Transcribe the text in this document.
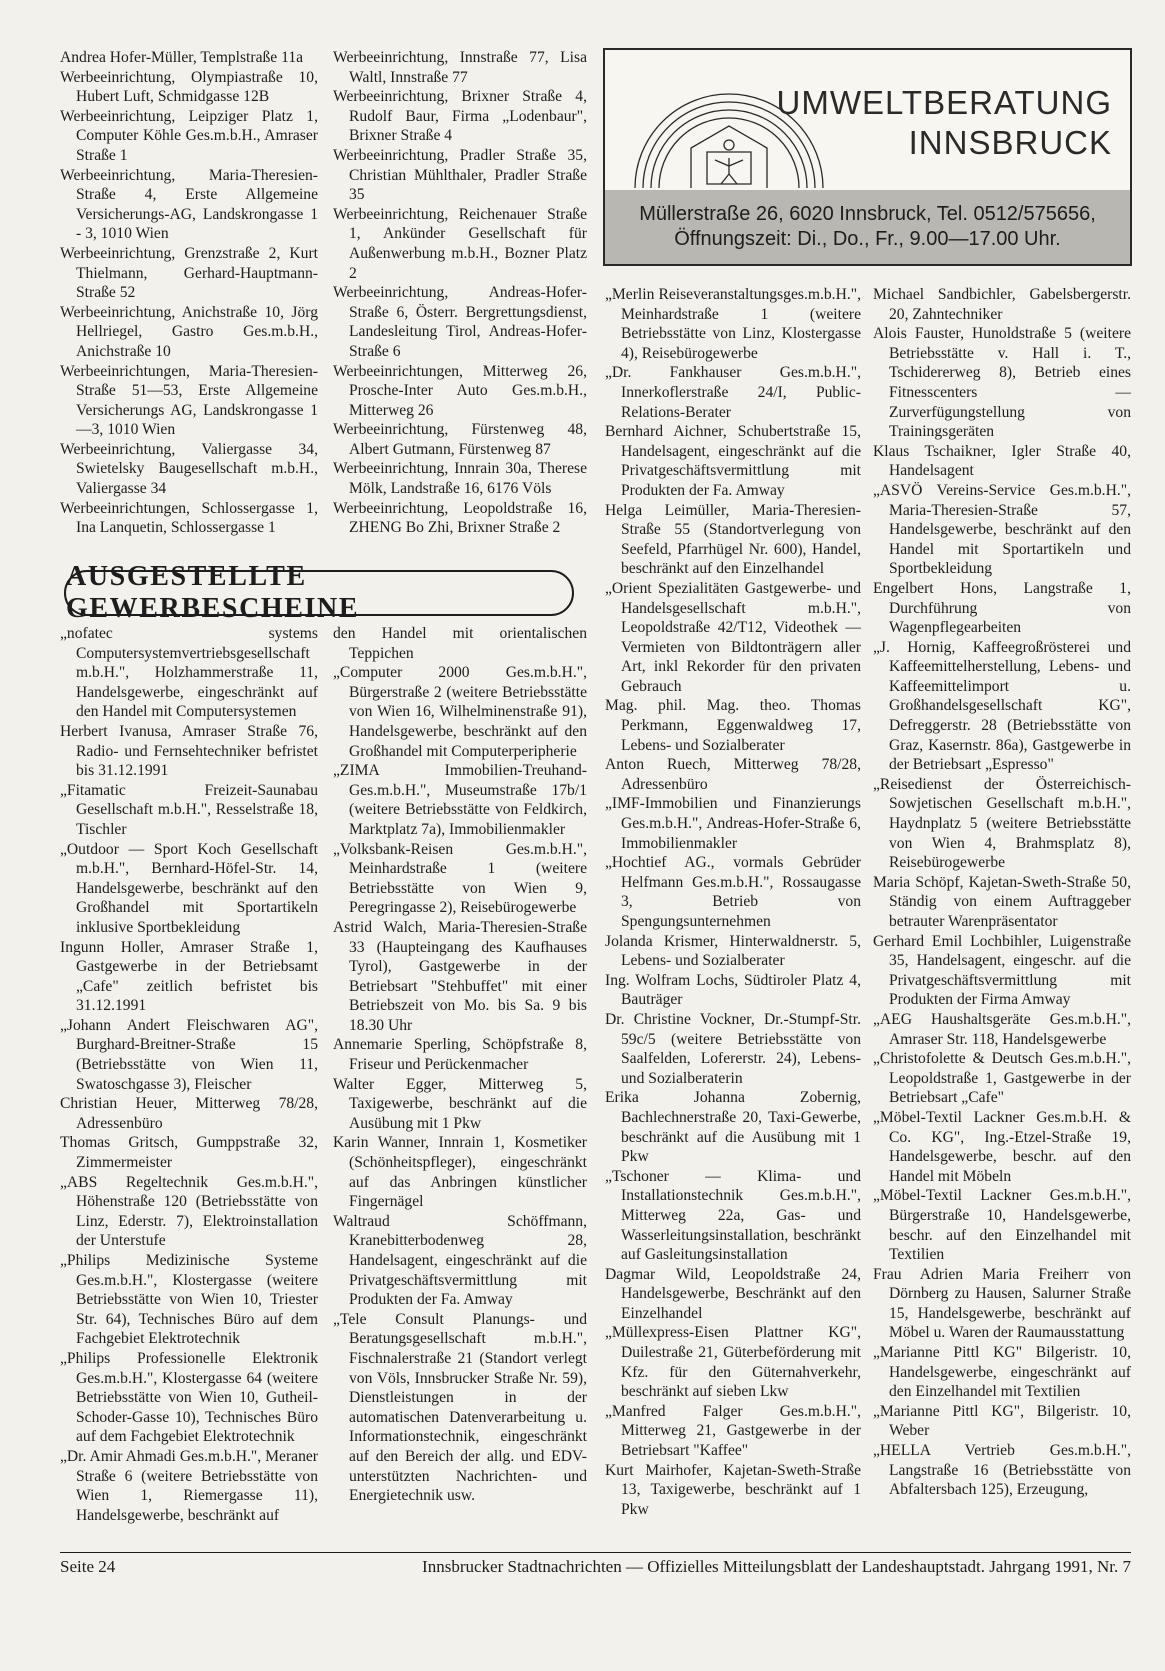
Andrea Hofer-Müller, Templstraße 11a
Werbeeinrichtung, Olympiastraße 10, Hubert Luft, Schmidgasse 12B
Werbeeinrichtung, Leipziger Platz 1, Computer Köhle Ges.m.b.H., Amraser Straße 1
Werbeeinrichtung, Maria-Theresien-Straße 4, Erste Allgemeine Versicherungs-AG, Landskrongasse 1 - 3, 1010 Wien
Werbeeinrichtung, Grenzstraße 2, Kurt Thielmann, Gerhard-Hauptmann-Straße 52
Werbeeinrichtung, Anichstraße 10, Jörg Hellriegel, Gastro Ges.m.b.H., Anichstraße 10
Werbeeinrichtungen, Maria-Theresien-Straße 51—53, Erste Allgemeine Versicherungs AG, Landskrongasse 1—3, 1010 Wien
Werbeeinrichtung, Valiergasse 34, Swietelsky Baugesellschaft m.b.H., Valiergasse 34
Werbeeinrichtungen, Schlossergasse 1, Ina Lanquetin, Schlossergasse 1
Werbeeinrichtung, Innstraße 77, Lisa Waltl, Innstraße 77
Werbeeinrichtung, Brixner Straße 4, Rudolf Baur, Firma „Lodenbaur", Brixner Straße 4
Werbeeinrichtung, Pradler Straße 35, Christian Mühlthaler, Pradler Straße 35
Werbeeinrichtung, Reichenauer Straße 1, Ankünder Gesellschaft für Außenwerbung m.b.H., Bozner Platz 2
Werbeeinrichtung, Andreas-Hofer-Straße 6, Österr. Bergrettungsdienst, Landesleitung Tirol, Andreas-Hofer-Straße 6
Werbeeinrichtungen, Mitterweg 26, Prosche-Inter Auto Ges.m.b.H., Mitterweg 26
Werbeeinrichtung, Fürstenweg 48, Albert Gutmann, Fürstenweg 87
Werbeeinrichtung, Innrain 30a, Therese Mölk, Landstraße 16, 6176 Völs
Werbeeinrichtung, Leopoldstraße 16, ZHENG Bo Zhi, Brixner Straße 2
UMWELTBERATUNG
INNSBRUCK
Müllerstraße 26, 6020 Innsbruck, Tel. 0512/575656,
Öffnungszeit: Di., Do., Fr., 9.00—17.00 Uhr.
AUSGESTELLTE GEWERBESCHEINE
„nofatec systems Computersystemvertriebsgesellschaft m.b.H.", Holzhammerstraße 11, Handelsgewerbe, eingeschränkt auf den Handel mit Computersystemen
Herbert Ivanusa, Amraser Straße 76, Radio- und Fernsehtechniker befristet bis 31.12.1991
„Fitamatic Freizeit-Saunabau Gesellschaft m.b.H.", Resselstraße 18, Tischler
„Outdoor — Sport Koch Gesellschaft m.b.H.", Bernhard-Höfel-Str. 14, Handelsgewerbe, beschränkt auf den Großhandel mit Sportartikeln inklusive Sportbekleidung
Ingunn Holler, Amraser Straße 1, Gastgewerbe in der Betriebsamt „Cafe" zeitlich befristet bis 31.12.1991
„Johann Andert Fleischwaren AG", Burghard-Breitner-Straße 15 (Betriebsstätte von Wien 11, Swatoschgasse 3), Fleischer
Christian Heuer, Mitterweg 78/28, Adressenbüro
Thomas Gritsch, Gumppstraße 32, Zimmermeister
„ABS Regeltechnik Ges.m.b.H.", Höhenstraße 120 (Betriebsstätte von Linz, Ederstr. 7), Elektroinstallation der Unterstufe
„Philips Medizinische Systeme Ges.m.b.H.", Klostergasse (weitere Betriebsstätte von Wien 10, Triester Str. 64), Technisches Büro auf dem Fachgebiet Elektrotechnik
„Philips Professionelle Elektronik Ges.m.b.H.", Klostergasse 64 (weitere Betriebsstätte von Wien 10, Gutheil-Schoder-Gasse 10), Technisches Büro auf dem Fachgebiet Elektrotechnik
„Dr. Amir Ahmadi Ges.m.b.H.", Meraner Straße 6 (weitere Betriebsstätte von Wien 1, Riemergasse 11), Handelsgewerbe, beschränkt auf
den Handel mit orientalischen Teppichen
„Computer 2000 Ges.m.b.H.", Bürgerstraße 2 (weitere Betriebsstätte von Wien 16, Wilhelminenstraße 91), Handelsgewerbe, beschränkt auf den Großhandel mit Computerperipherie
„ZIMA Immobilien-Treuhand-Ges.m.b.H.", Museumstraße 17b/1 (weitere Betriebsstätte von Feldkirch, Marktplatz 7a), Immobilienmakler
„Volksbank-Reisen Ges.m.b.H.", Meinhardstraße 1 (weitere Betriebsstätte von Wien 9, Peregringasse 2), Reisebürogewerbe
Astrid Walch, Maria-Theresien-Straße 33 (Haupteingang des Kaufhauses Tyrol), Gastgewerbe in der Betriebsart "Stehbuffet" mit einer Betriebszeit von Mo. bis Sa. 9 bis 18.30 Uhr
Annemarie Sperling, Schöpfstraße 8, Friseur und Perückenmacher
Walter Egger, Mitterweg 5, Taxigewerbe, beschränkt auf die Ausübung mit 1 Pkw
Karin Wanner, Innrain 1, Kosmetiker (Schönheitspfleger), eingeschränkt auf das Anbringen künstlicher Fingernägel
Waltraud Schöffmann, Kranebitterbodenweg 28, Handelsagent, eingeschränkt auf die Privatgeschäftsvermittlung mit Produkten der Fa. Amway
„Tele Consult Planungs- und Beratungsgesellschaft m.b.H.", Fischnalerstraße 21 (Standort verlegt von Völs, Innsbrucker Straße Nr. 59), Dienstleistungen in der automatischen Datenverarbeitung u. Informationstechnik, eingeschränkt auf den Bereich der allg. und EDV-unterstützten Nachrichten- und Energietechnik usw.
„Merlin Reiseveranstaltungsges.m.b.H.", Meinhardstraße 1 (weitere Betriebsstätte von Linz, Klostergasse 4), Reisebürogewerbe
„Dr. Fankhauser Ges.m.b.H.", Innerkoflerstraße 24/I, Public-Relations-Berater
Bernhard Aichner, Schubertstraße 15, Handelsagent, eingeschränkt auf die Privatgeschäftsvermittlung mit Produkten der Fa. Amway
Helga Leimüller, Maria-Theresien-Straße 55 (Standortverlegung von Seefeld, Pfarrhügel Nr. 600), Handel, beschränkt auf den Einzelhandel
„Orient Spezialitäten Gastgewerbe- und Handelsgesellschaft m.b.H.", Leopoldstraße 42/T12, Videothek — Vermieten von Bildtonträgern aller Art, inkl Rekorder für den privaten Gebrauch
Mag. phil. Mag. theo. Thomas Perkmann, Eggenwaldweg 17, Lebens- und Sozialberater
Anton Ruech, Mitterweg 78/28, Adressenbüro
„IMF-Immobilien und Finanzierungs Ges.m.b.H.", Andreas-Hofer-Straße 6, Immobilienmakler
„Hochtief AG., vormals Gebrüder Helfmann Ges.m.b.H.", Rossaugasse 3, Betrieb von Spengungsunternehmen
Jolanda Krismer, Hinterwaldnerstr. 5, Lebens- und Sozialberater
Ing. Wolfram Lochs, Südtiroler Platz 4, Bauträger
Dr. Christine Vockner, Dr.-Stumpf-Str. 59c/5 (weitere Betriebsstätte von Saalfelden, Lofererstr. 24), Lebens- und Sozialberaterin
Erika Johanna Zobernig, Bachlechnerstraße 20, Taxi-Gewerbe, beschränkt auf die Ausübung mit 1 Pkw
„Tschoner — Klima- und Installationstechnik Ges.m.b.H.", Mitterweg 22a, Gas- und Wasserleitungsinstallation, beschränkt auf Gasleitungsinstallation
Dagmar Wild, Leopoldstraße 24, Handelsgewerbe, Beschränkt auf den Einzelhandel
„Müllexpress-Eisen Plattner KG", Duilestraße 21, Güterbeförderung mit Kfz. für den Güternahverkehr, beschränkt auf sieben Lkw
„Manfred Falger Ges.m.b.H.", Mitterweg 21, Gastgewerbe in der Betriebsart "Kaffee"
Kurt Mairhofer, Kajetan-Sweth-Straße 13, Taxigewerbe, beschränkt auf 1 Pkw
Michael Sandbichler, Gabelsbergerstr. 20, Zahntechniker
Alois Fauster, Hunoldstraße 5 (weitere Betriebsstätte v. Hall i. T., Tschidererweg 8), Betrieb eines Fitnesscenters — Zurverfügungstellung von Trainingsgeräten
Klaus Tschaikner, Igler Straße 40, Handelsagent
„ASVÖ Vereins-Service Ges.m.b.H.", Maria-Theresien-Straße 57, Handelsgewerbe, beschränkt auf den Handel mit Sportartikeln und Sportbekleidung
Engelbert Hons, Langstraße 1, Durchführung von Wagenpflegearbeiten
„J. Hornig, Kaffeegroßrösterei und Kaffeemittelherstellung, Lebens- und Kaffeemittelimport u. Großhandelsgesellschaft KG", Defreggerstr. 28 (Betriebsstätte von Graz, Kasernstr. 86a), Gastgewerbe in der Betriebsart „Espresso"
„Reisedienst der Österreichisch-Sowjetischen Gesellschaft m.b.H.", Haydnplatz 5 (weitere Betriebsstätte von Wien 4, Brahmsplatz 8), Reisebürogewerbe
Maria Schöpf, Kajetan-Sweth-Straße 50, Ständig von einem Auftraggeber betrauter Warenpräsentator
Gerhard Emil Lochbihler, Luigenstraße 35, Handelsagent, eingeschr. auf die Privatgeschäftsvermittlung mit Produkten der Firma Amway
„AEG Haushaltsgeräte Ges.m.b.H.", Amraser Str. 118, Handelsgewerbe
„Christofolette & Deutsch Ges.m.b.H.", Leopoldstraße 1, Gastgewerbe in der Betriebsart „Cafe"
„Möbel-Textil Lackner Ges.m.b.H. & Co. KG", Ing.-Etzel-Straße 19, Handelsgewerbe, beschr. auf den Handel mit Möbeln
„Möbel-Textil Lackner Ges.m.b.H.", Bürgerstraße 10, Handelsgewerbe, beschr. auf den Einzelhandel mit Textilien
Frau Adrien Maria Freiherr von Dörnberg zu Hausen, Salurner Straße 15, Handelsgewerbe, beschränkt auf Möbel u. Waren der Raumausstattung
„Marianne Pittl KG" Bilgeristr. 10, Handelsgewerbe, eingeschränkt auf den Einzelhandel mit Textilien
„Marianne Pittl KG", Bilgeristr. 10, Weber
„HELLA Vertrieb Ges.m.b.H.", Langstraße 16 (Betriebsstätte von Abfaltersbach 125), Erzeugung,
Seite 24	Innsbrucker Stadtnachrichten — Offizielles Mitteilungsblatt der Landeshauptstadt. Jahrgang 1991, Nr. 7
